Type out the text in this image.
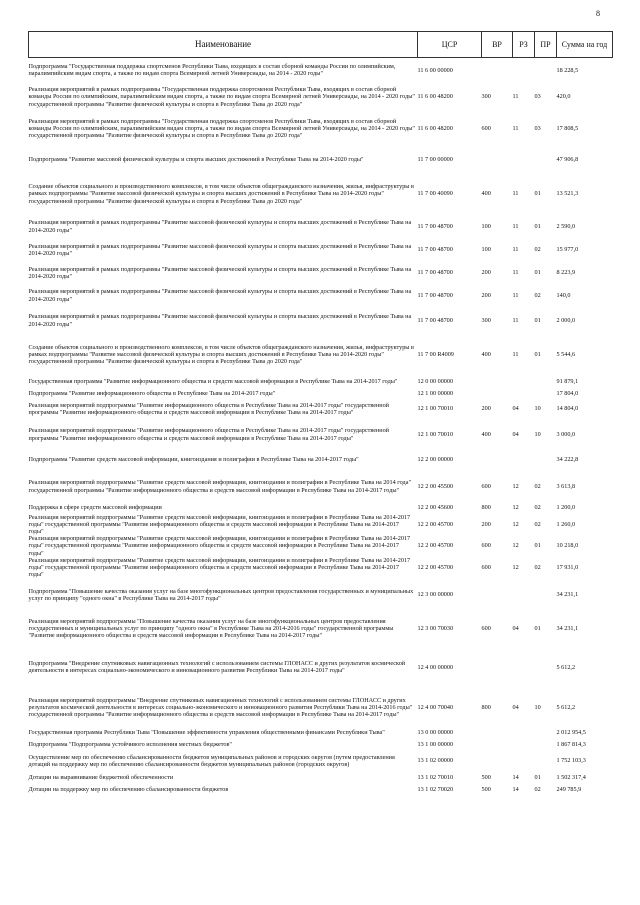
8
Наименование	ЦСР	ВР	РЗ	ПР	Сумма на год
Подпрограмма "Государственная поддержка спортсменов Республики Тыва, входящих в состав сборной команды России по олимпийским, паралимпийским видам спорта, а также по видам спорта Всемирной летней Универсиады, на 2014 - 2020 годы"	11 6 00 00000				18 228,5
Реализация мероприятий в рамках подпрограммы "Государственная поддержка спортсменов Республики Тыва, входящих в состав сборной команды России по олимпийским, паралимпийским видам спорта, а также по видам спорта Всемирной летней Универсиады, на 2014 - 2020 годы" государственной программы "Развитие физической культуры и спорта в Республике Тыва до 2020 года"	11 6 00 48200	300	11	03	420,0
Реализация мероприятий в рамках подпрограммы "Государственная поддержка спортсменов Республики Тыва, входящих в состав сборной команды России по олимпийским, паралимпийским видам спорта, а также по видам спорта Всемирной летней Универсиады, на 2014 - 2020 годы" государственной программы "Развитие физической культуры и спорта в Республике Тыва до 2020 года"	11 6 00 48200	600	11	03	17 808,5
Подпрограмма "Развитие массовой физической культуры и спорта высших достижений в Республике Тыва на 2014-2020 годы"	11 7 00 00000				47 906,8
Создание объектов социального и производственного комплексов, в том числе объектов общегражданского назначения, жилья, инфраструктуры в рамках подпрограммы "Развитие массовой физической культуры и спорта высших достижений в Республике Тыва на 2014-2020 годы" государственной программы "Развитие физической культуры и спорта в Республике Тыва до 2020 года"	11 7 00 40090	400	11	01	13 521,3
Реализация мероприятий в рамках подпрограммы "Развитие массовой физической культуры и спорта высших достижений в Республике Тыва на 2014-2020 годы"	11 7 00 48700	100	11	01	2 590,0
Реализация мероприятий в рамках подпрограммы "Развитие массовой физической культуры и спорта высших достижений в Республике Тыва на 2014-2020 годы"	11 7 00 48700	100	11	02	15 977,0
Реализация мероприятий в рамках подпрограммы "Развитие массовой физической культуры и спорта высших достижений в Республике Тыва на 2014-2020 годы"	11 7 00 48700	200	11	01	8 223,9
Реализация мероприятий в рамках подпрограммы "Развитие массовой физической культуры и спорта высших достижений в Республике Тыва на 2014-2020 годы"	11 7 00 48700	200	11	02	140,0
Реализация мероприятий в рамках подпрограммы "Развитие массовой физической культуры и спорта высших достижений в Республике Тыва на 2014-2020 годы"	11 7 00 48700	300	11	01	2 000,0
Создание объектов социального и производственного комплексов, в том числе объектов общегражданского назначения, жилья, инфраструктуры в рамках подпрограммы "Развитие массовой физической культуры и спорта высших достижений в Республике Тыва на 2014-2020 годы" государственной программы "Развитие физической культуры и спорта в Республике Тыва до 2020 года"	11 7 00 R4009	400	11	01	5 544,6
Государственная программа "Развитие информационного общества и средств массовой информации в Республике Тыва на 2014-2017 годы"	12 0 00 00000				91 879,1
Подпрограмма "Развитие информационного общества в Республике Тыва на 2014-2017 годы"	12 1 00 00000				17 804,0
Реализация мероприятий подпрограммы "Развитие информационного общества в Республике Тыва на 2014-2017 годы" государственной программы "Развитие информационного общества и средств массовой информации в Республике Тыва на 2014-2017 годы"	12 1 00 70010	200	04	10	14 804,0
Реализация мероприятий подпрограммы "Развитие информационного общества в Республике Тыва на 2014-2017 годы" государственной программы "Развитие информационного общества и средств массовой информации в Республике Тыва на 2014-2017 годы"	12 1 00 70010	400	04	10	3 000,0
Подпрограмма "Развитие средств массовой информации, книгоиздания и полиграфии в Республике Тыва на 2014-2017 годы"	12 2 00 00000				34 222,8
Реализация мероприятий подпрограммы "Развитие средств массовой информации, книгоиздания и полиграфии в Республике Тыва на 2014 года" государственной программы "Развитие информационного общества и средств массовой информации в Республике Тыва на 2014-2017 годы"	12 2 00 45500	600	12	02	3 613,8
Поддержка в сфере средств массовой информации	12 2 00 45600	800	12	02	1 200,0
Реализация мероприятий подпрограммы "Развитие средств массовой информации, книгоиздания и полиграфии в Республике Тыва на 2014-2017 годы" государственной программы "Развитие информационного общества и средств массовой информации в Республике Тыва на 2014-2017 годы"	12 2 00 45700	200	12	02	1 260,0
Реализация мероприятий подпрограммы "Развитие средств массовой информации, книгоиздания и полиграфии в Республике Тыва на 2014-2017 годы" государственной программы "Развитие информационного общества и средств массовой информации в Республике Тыва на 2014-2017 годы"	12 2 00 45700	600	12	01	10 218,0
Реализация мероприятий подпрограммы "Развитие средств массовой информации, книгоиздания и полиграфии в Республике Тыва на 2014-2017 годы" государственной программы "Развитие информационного общества и средств массовой информации в Республике Тыва на 2014-2017 годы"	12 2 00 45700	600	12	02	17 931,0
Подпрограмма "Повышение качества оказания услуг на базе многофункциональных центров предоставления государственных и муниципальных услуг по принципу "одного окна" в Республике Тыва на 2014-2017 годы"	12 3 00 00000				34 231,1
Реализация мероприятий подпрограммы "Повышение качества оказания услуг на базе многофункциональных центров предоставления государственных и муниципальных услуг по принципу "одного окна" в Республике Тыва на 2014-2016 годы" государственной программы "Развитие информационного общества и средств массовой информации в Республике Тыва на 2014-2017 годы"	12 3 00 70030	600	04	01	34 231,1
Подпрограмма "Внедрение спутниковых навигационных технологий с использованием системы ГЛОНАСС и других результатов космической деятельности в интересах социально-экономического и инновационного развития Республики Тыва на 2014-2017 годы"	12 4 00 00000				5 612,2
Реализация мероприятий подпрограммы "Внедрение спутниковых навигационных технологий с использованием системы ГЛОНАСС и других результатов космической деятельности в интересах социально-экономического и инновационного развития Республики Тыва на 2014-2016 годы" государственной программы "Развитие информационного общества и средств массовой информации в Республике Тыва на 2014-2017 годы"	12 4 00 70040	800	04	10	5 612,2
Государственная программа Республики Тыва "Повышение эффективности управления общественными финансами Республики Тыва"	13 0 00 00000				2 012 954,5
Подпрограмма "Подпрограмма устойчивого исполнения местных бюджетов"	13 1 00 00000				1 867 814,3
Осуществление мер по обеспечению сбалансированности бюджетов муниципальных районов и городских округов (путем предоставления дотаций на поддержку мер по обеспечению сбалансированности бюджетов муниципальных районов (городских округов)	13 1 02 00000				1 752 103,3
Дотации на выравнивание бюджетной обеспеченности	13 1 02 70010	500	14	01	1 502 317,4
Дотации на поддержку мер по обеспечению сбалансированности бюджетов	13 1 02 70020	500	14	02	249 785,9
